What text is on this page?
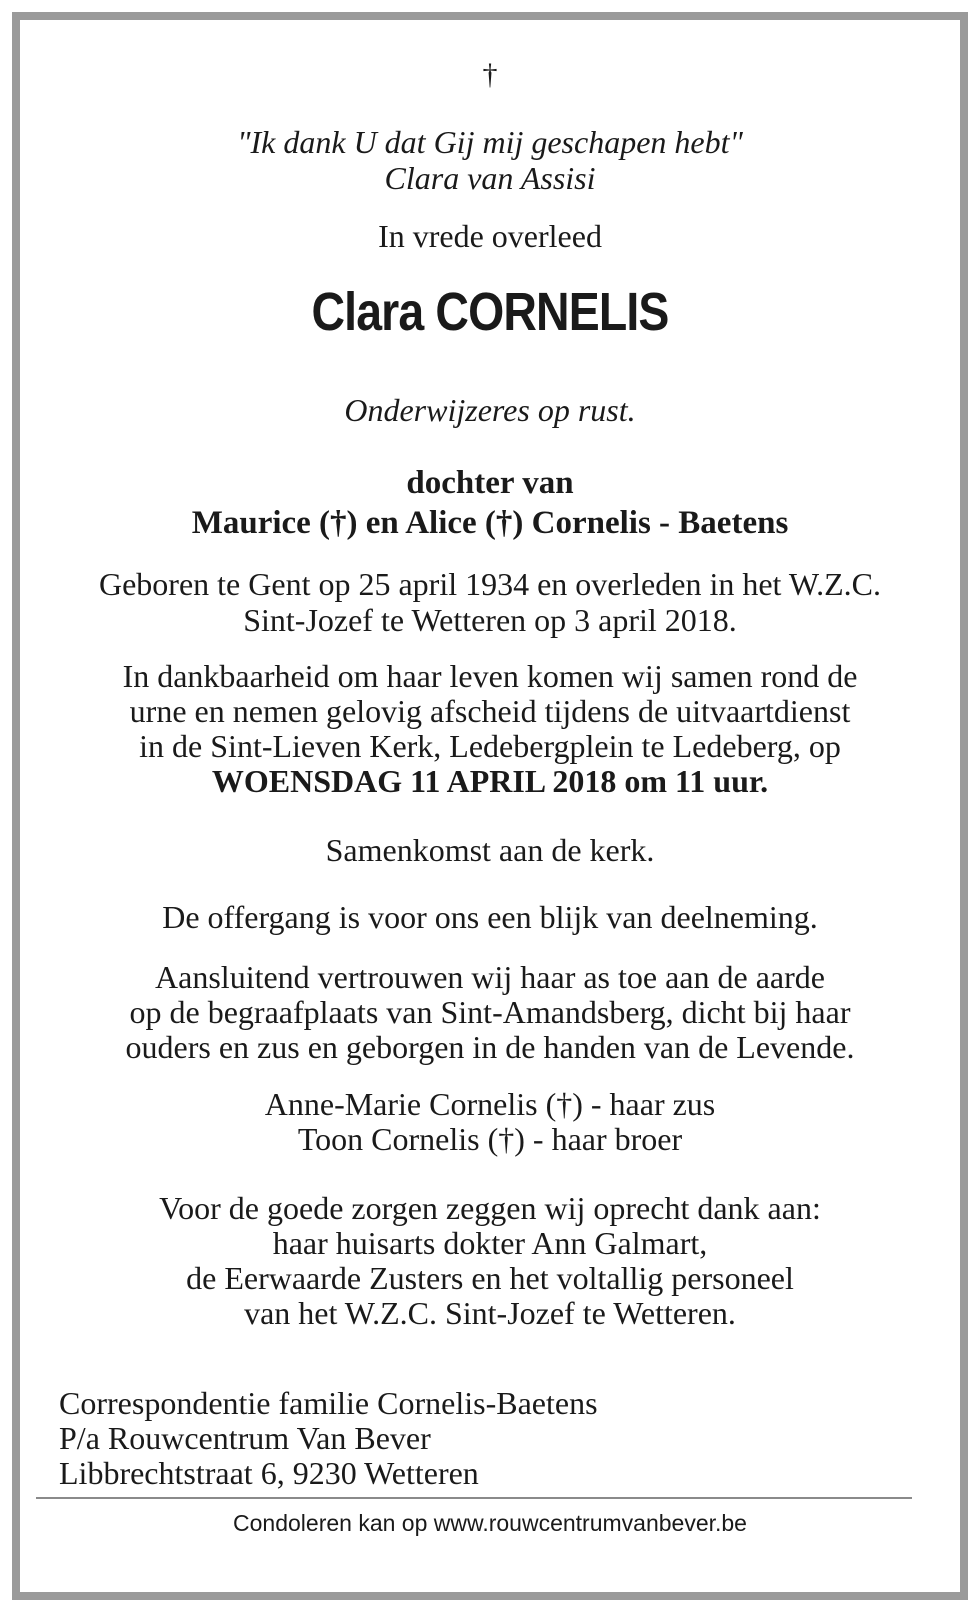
†
"Ik dank U dat Gij mij geschapen hebt"
Clara van Assisi
In vrede overleed
Clara CORNELIS
Onderwijzeres op rust.
dochter van
Maurice (†) en Alice (†) Cornelis - Baetens
Geboren te Gent op 25 april 1934 en overleden in het W.Z.C.
Sint-Jozef te Wetteren op 3 april 2018.
In dankbaarheid om haar leven komen wij samen rond de
urne en nemen gelovig afscheid tijdens de uitvaartdienst
in de Sint-Lieven Kerk, Ledebergplein te Ledeberg, op
WOENSDAG 11 APRIL 2018 om 11 uur.
Samenkomst aan de kerk.
De offergang is voor ons een blijk van deelneming.
Aansluitend vertrouwen wij haar as toe aan de aarde
op de begraafplaats van Sint-Amandsberg, dicht bij haar
ouders en zus en geborgen in de handen van de Levende.
Anne-Marie Cornelis (†) - haar zus
Toon Cornelis (†) - haar broer
Voor de goede zorgen zeggen wij oprecht dank aan:
haar huisarts dokter Ann Galmart,
de Eerwaarde Zusters en het voltallig personeel
van het W.Z.C. Sint-Jozef te Wetteren.
Correspondentie familie Cornelis-Baetens
P/a Rouwcentrum Van Bever
Libbrechtstraat 6, 9230 Wetteren
Condoleren kan op www.rouwcentrumvanbever.be
